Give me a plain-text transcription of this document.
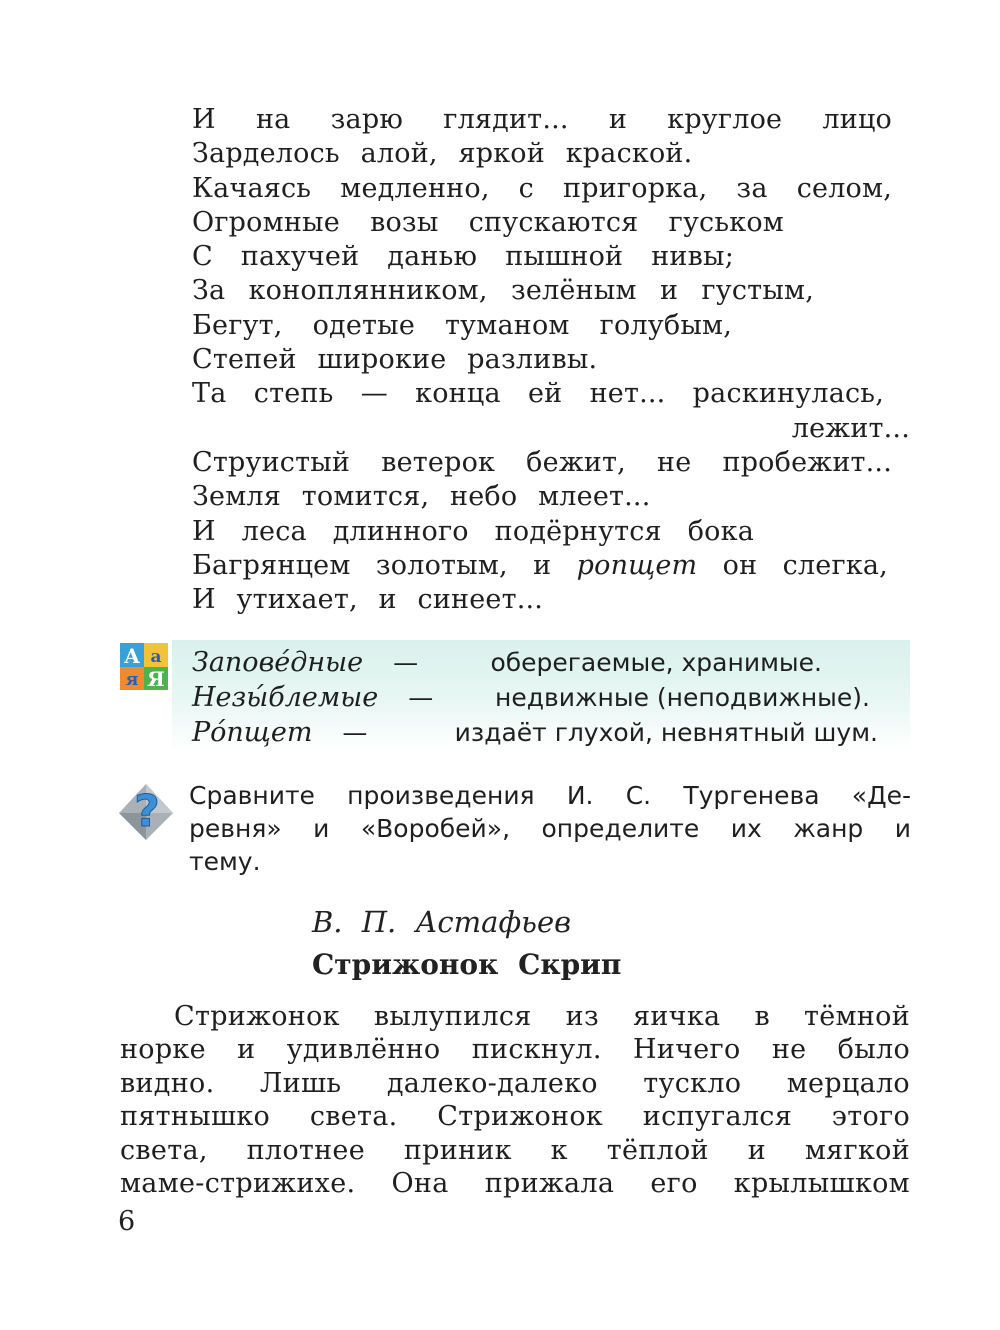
И на зарю глядит... и круглое лицо
Зарделось алой, яркой краской.
Качаясь медленно, с пригорка, за селом,
Огромные возы спускаются гуськом
С пахучей данью пышной нивы;
За коноплянником, зелёным и густым,
Бегут, одетые туманом голубым,
Степей широкие разливы.
Та степь — конца ей нет... раскинулась,
лежит...
Струистый ветерок бежит, не пробежит...
Земля томится, небо млеет...
И леса длинного подёрнутся бока
Багрянцем золотым, и ропщет он слегка,
И утихает, и синеет...
А а
я Я
Запове́дные —	оберегаемые, хранимые.
Незы́блемые — недвижные (неподвижные).
Ро́пщет —	издаёт глухой, невнятный шум.
? Сравните произведения И. С. Тургенева «Де-
ревня» и «Воробей», определите их жанр и
тему.
В. П. Астафьев
Стрижонок Скрип
Стрижонок вылупился из яичка в тёмной
норке и удивлённо пискнул. Ничего не было
видно. Лишь далеко-далеко тускло мерцало
пятнышко света. Стрижонок испугался этого
света, плотнее приник к тёплой и мягкой
маме-стрижихе. Она прижала его крылышком
6
